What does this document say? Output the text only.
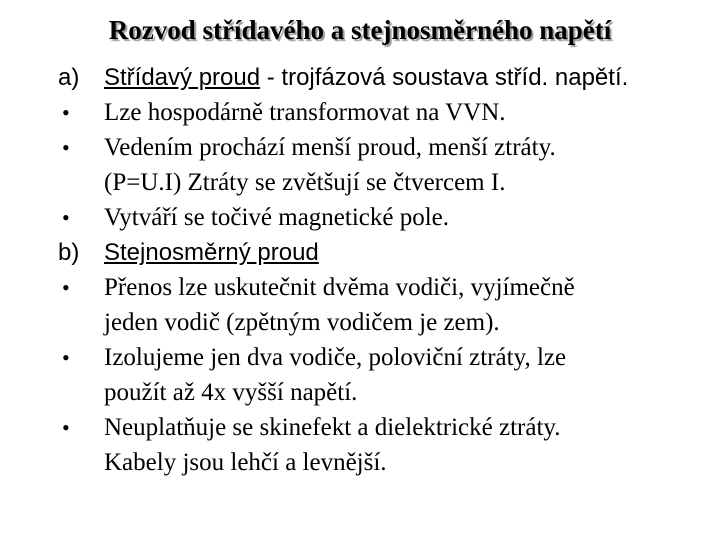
Rozvod střídavého a stejnosměrného napětí
a)	Střídavý proud - trojfázová soustava stříd. napětí.
•	Lze hospodárně transformovat na VVN.
•	Vedením prochází menší proud, menší ztráty.
(P=U.I) Ztráty se zvětšují se čtvercem I.
•	Vytváří se točivé magnetické pole.
b)	Stejnosměrný proud
•	Přenos lze uskutečnit dvěma vodiči, vyjímečně
jeden vodič (zpětným vodičem je zem).
•	Izolujeme jen dva vodiče, poloviční ztráty, lze
použít až 4x vyšší napětí.
•	Neuplatňuje se skinefekt a dielektrické ztráty.
Kabely jsou lehčí a levnější.
